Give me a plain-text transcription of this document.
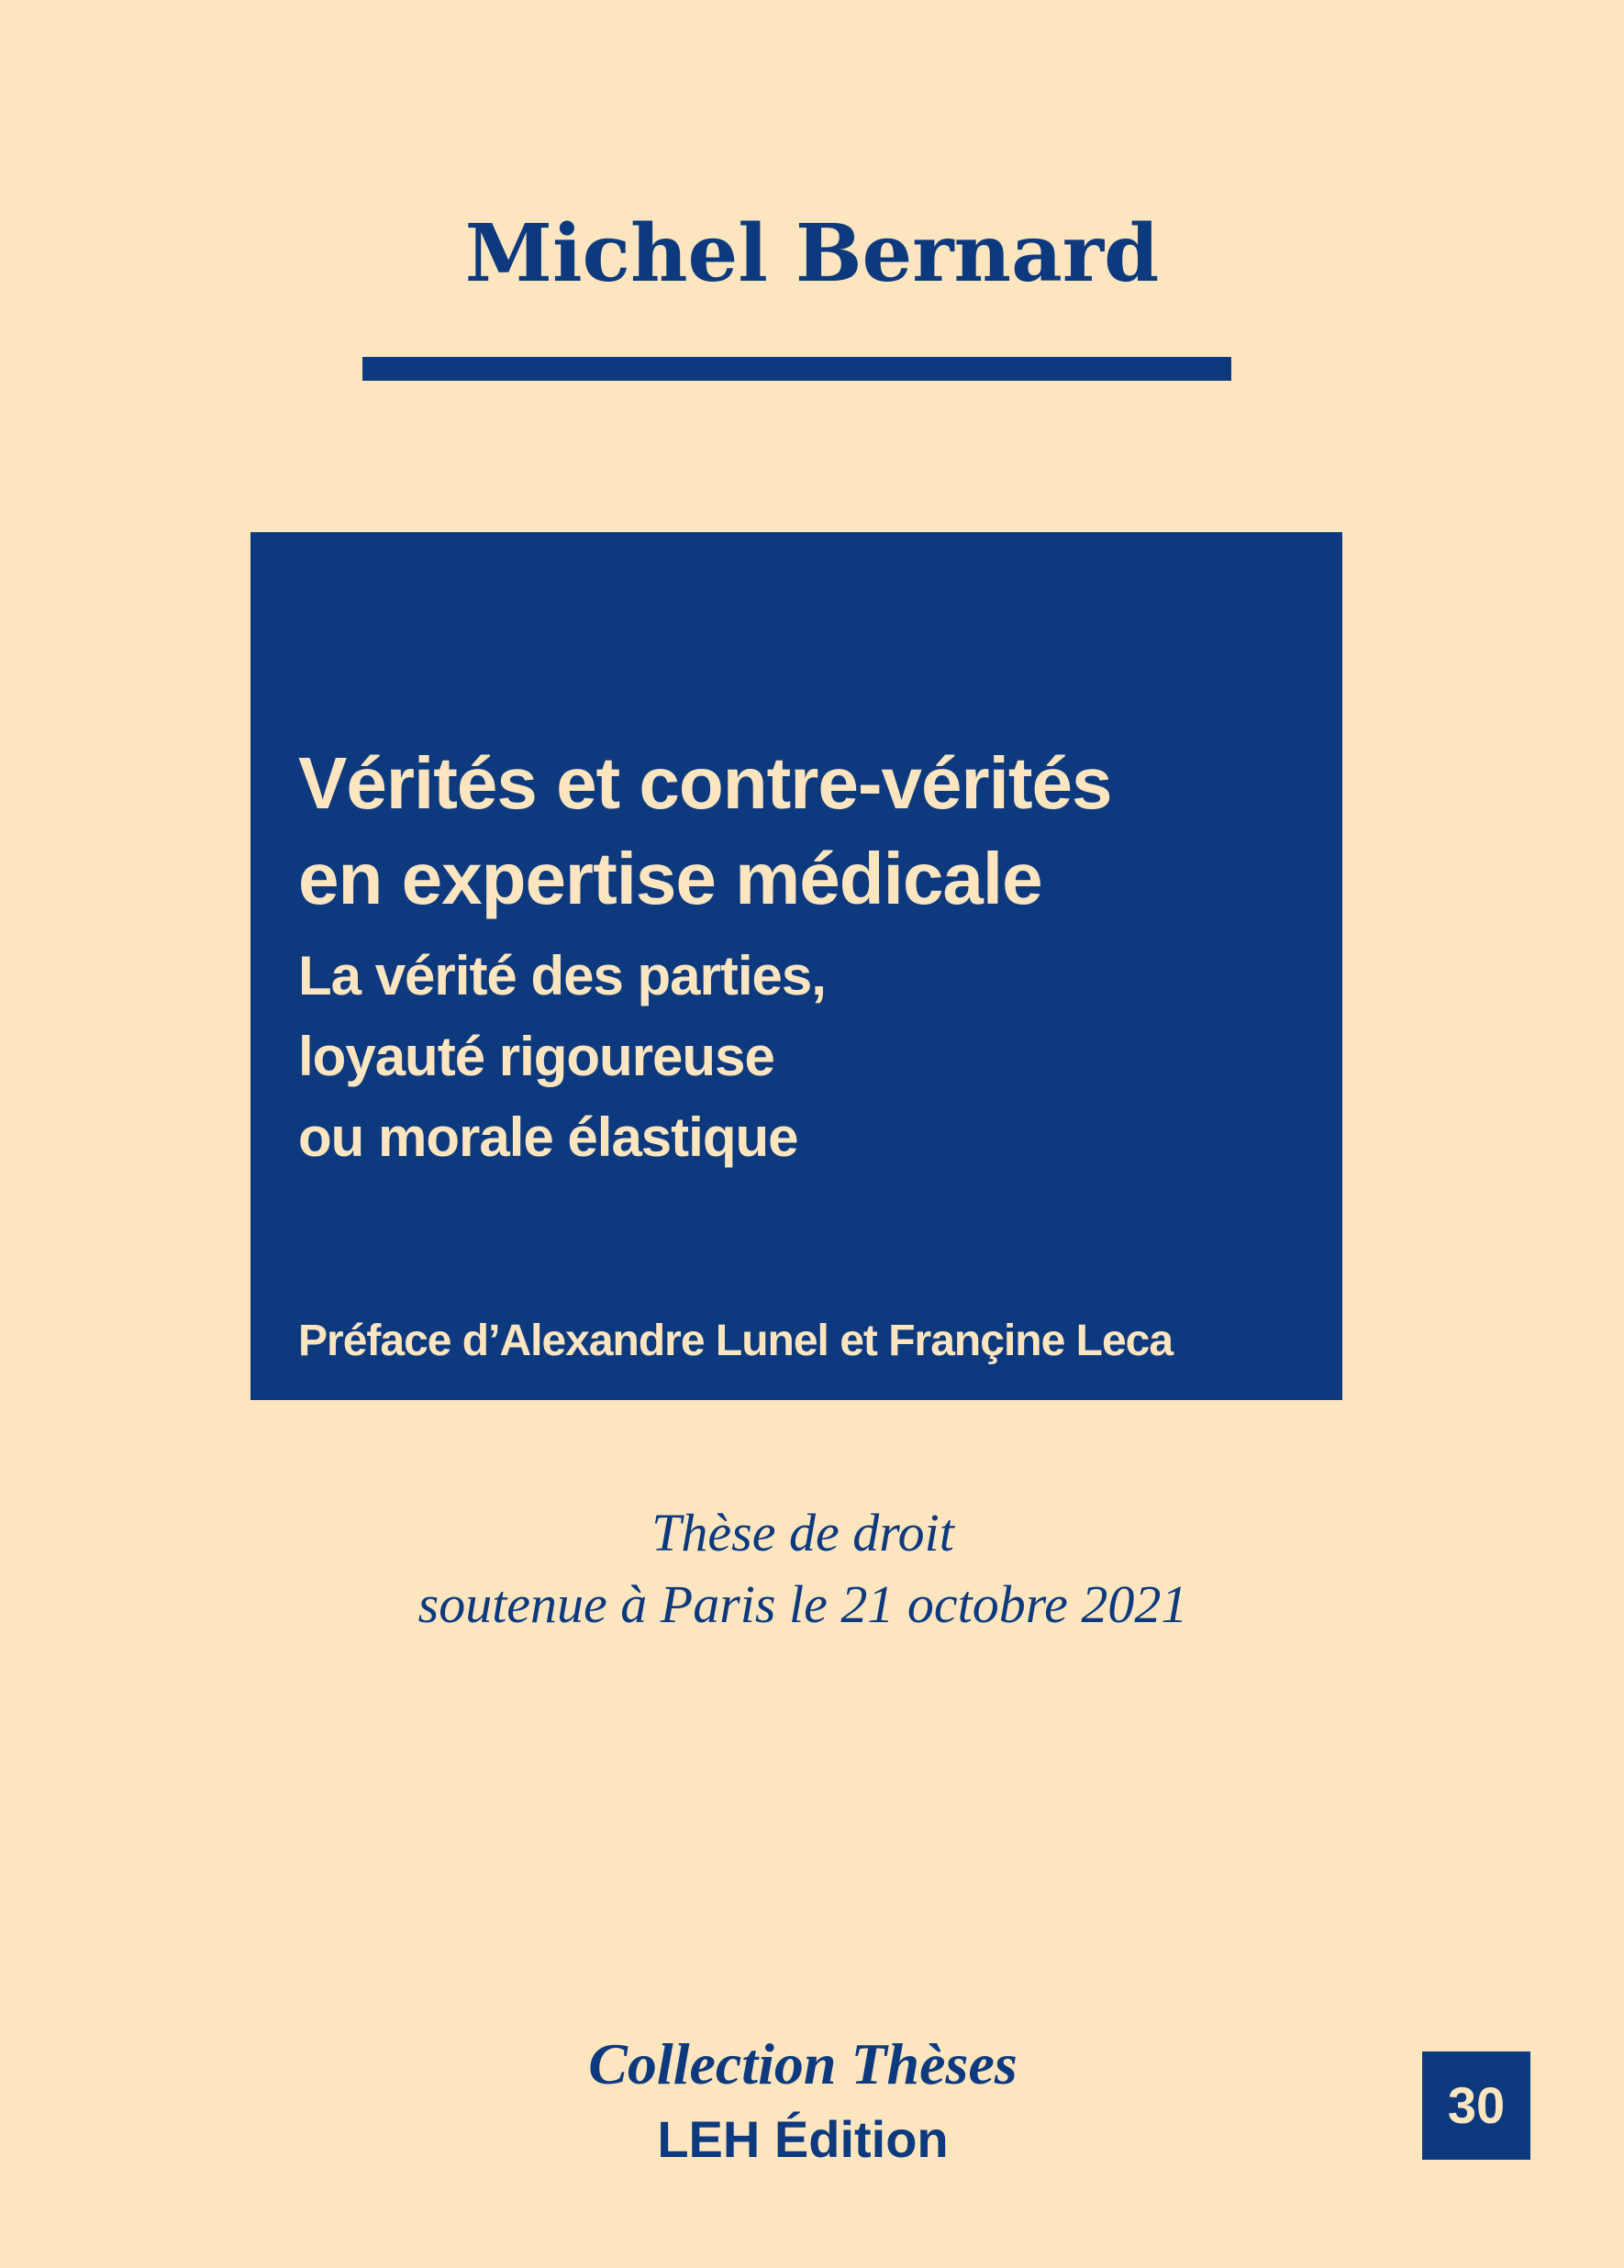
Michel Bernard
Vérités et contre-vérités
en expertise médicale
La vérité des parties,
loyauté rigoureuse
ou morale élastique
Préface d’Alexandre Lunel et Françine Leca
Thèse de droit
soutenue à Paris le 21 octobre 2021
Collection Thèses
LEH Édition
30
